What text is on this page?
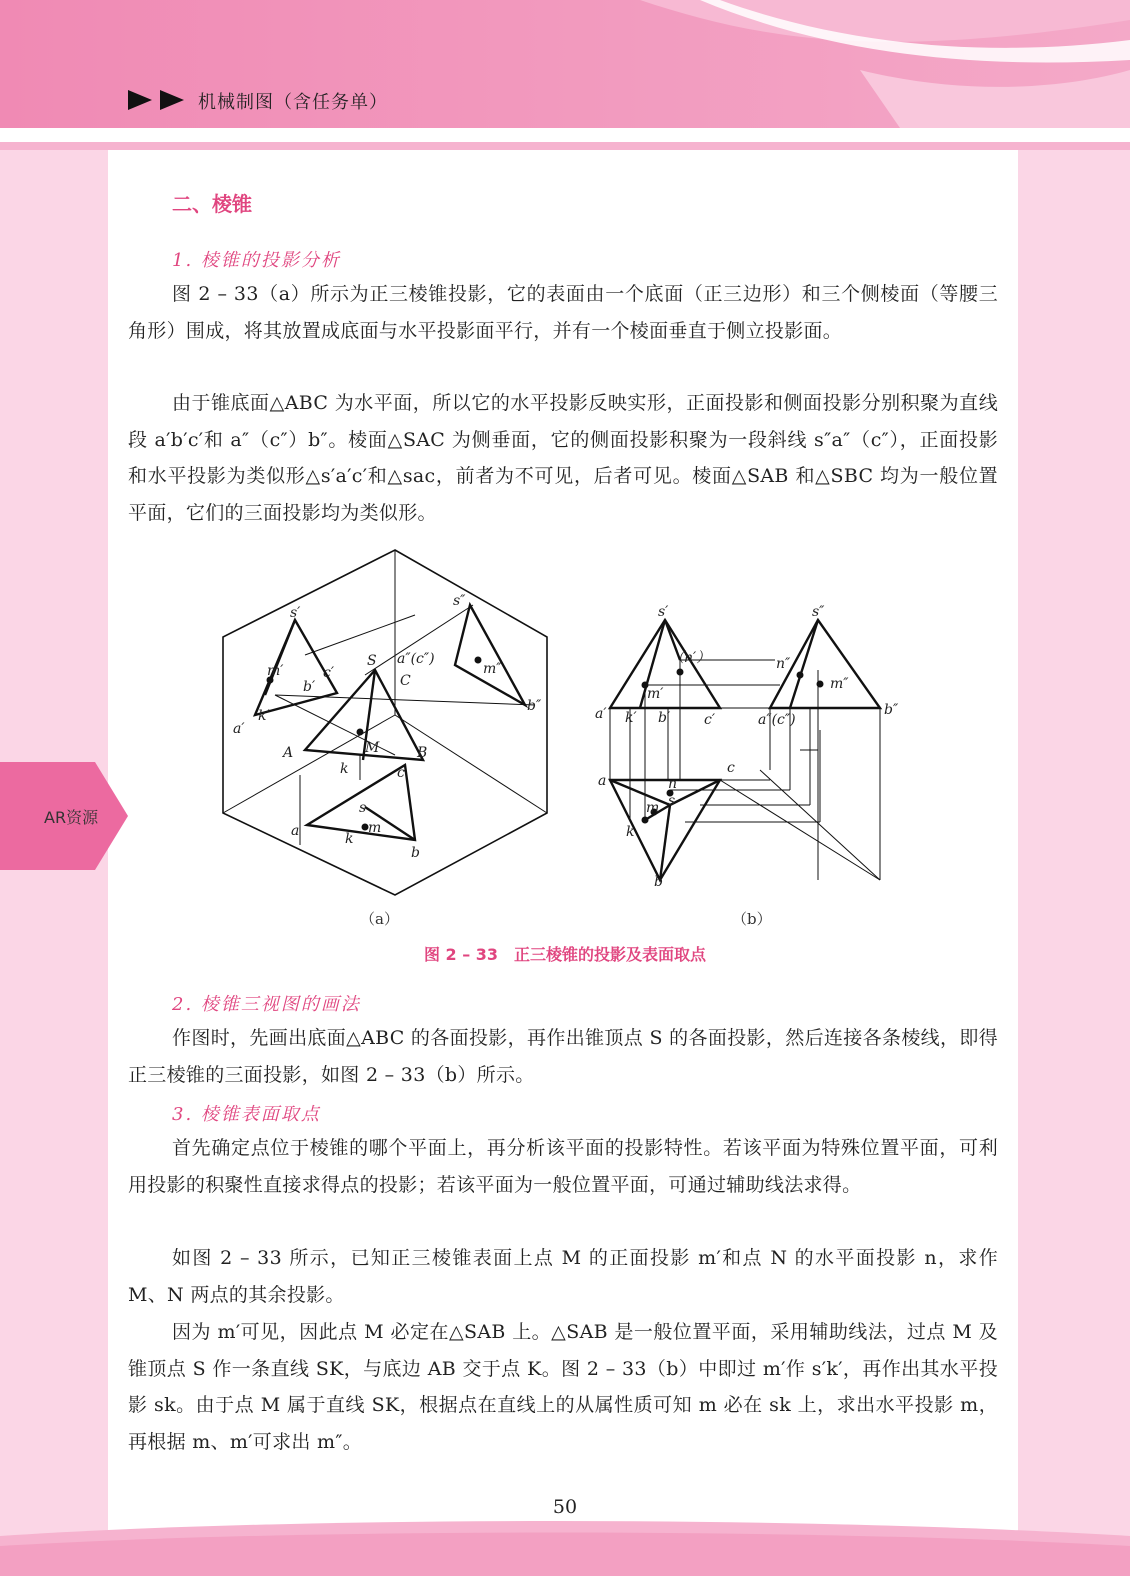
机械制图（含任务单）
AR资源
二、棱锥
1. 棱锥的投影分析
图 2 – 33（a）所示为正三棱锥投影，它的表面由一个底面（正三边形）和三个侧棱面（等腰三角形）围成，将其放置成底面与水平投影面平行，并有一个棱面垂直于侧立投影面。
由于锥底面△ABC 为水平面，所以它的水平投影反映实形，正面投影和侧面投影分别积聚为直线段 a′b′c′和 a″（c″）b″。棱面△SAC 为侧垂面，它的侧面投影积聚为一段斜线 s″a″（c″），正面投影和水平投影为类似形△s′a′c′和△sac，前者为不可见，后者可见。棱面△SAB 和△SBC 均为一般位置平面，它们的三面投影均为类似形。
s′
s″
m′	c′
b′
k′
a′
S a″(c″)
C
m″
b″
A	M	B
k	c
s
a	m
k
b
s′	s″
（n′）	n″
m″
m′
a′ k′ b′ c′	a″(c″)
b″
c
a	n
s
m
k
b
（a）	（b）
图 2 – 33　正三棱锥的投影及表面取点
2. 棱锥三视图的画法
作图时，先画出底面△ABC 的各面投影，再作出锥顶点 S 的各面投影，然后连接各条棱线，即得正三棱锥的三面投影，如图 2 – 33（b）所示。
3. 棱锥表面取点
首先确定点位于棱锥的哪个平面上，再分析该平面的投影特性。若该平面为特殊位置平面，可利用投影的积聚性直接求得点的投影；若该平面为一般位置平面，可通过辅助线法求得。
如图 2 – 33 所示，已知正三棱锥表面上点 M 的正面投影 m′和点 N 的水平面投影 n，求作 M、N 两点的其余投影。
因为 m′可见，因此点 M 必定在△SAB 上。△SAB 是一般位置平面，采用辅助线法，过点 M 及锥顶点 S 作一条直线 SK，与底边 AB 交于点 K。图 2 – 33（b）中即过 m′作 s′k′，再作出其水平投影 sk。由于点 M 属于直线 SK，根据点在直线上的从属性质可知 m 必在 sk 上，求出水平投影 m，再根据 m、m′可求出 m″。
50
